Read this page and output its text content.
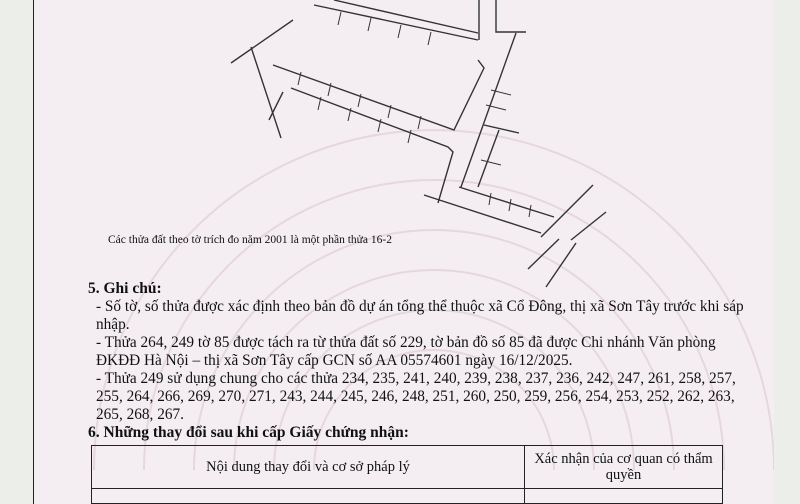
Các thửa đất theo tờ trích đo năm 2001 là một phần thửa 16-2
5. Ghi chú:
- Số tờ, số thửa được xác định theo bản đồ dự án tổng thể thuộc xã Cổ Đông, thị xã Sơn Tây trước khi sáp nhập.
- Thửa 264, 249 tờ 85 được tách ra từ thửa đất số 229, tờ bản đồ số 85 đã được Chi nhánh Văn phòng ĐKĐĐ Hà Nội – thị xã Sơn Tây cấp GCN số AA 05574601 ngày 16/12/2025.
- Thửa 249 sử dụng chung cho các thửa 234, 235, 241, 240, 239, 238, 237, 236, 242, 247, 261, 258, 257, 255, 264, 266, 269, 270, 271, 243, 244, 245, 246, 248, 251, 260, 250, 259, 256, 254, 253, 252, 262, 263, 265, 268, 267.
6. Những thay đổi sau khi cấp Giấy chứng nhận:
Nội dung thay đổi và cơ sở pháp lý	Xác nhận của cơ quan có thẩm quyền
